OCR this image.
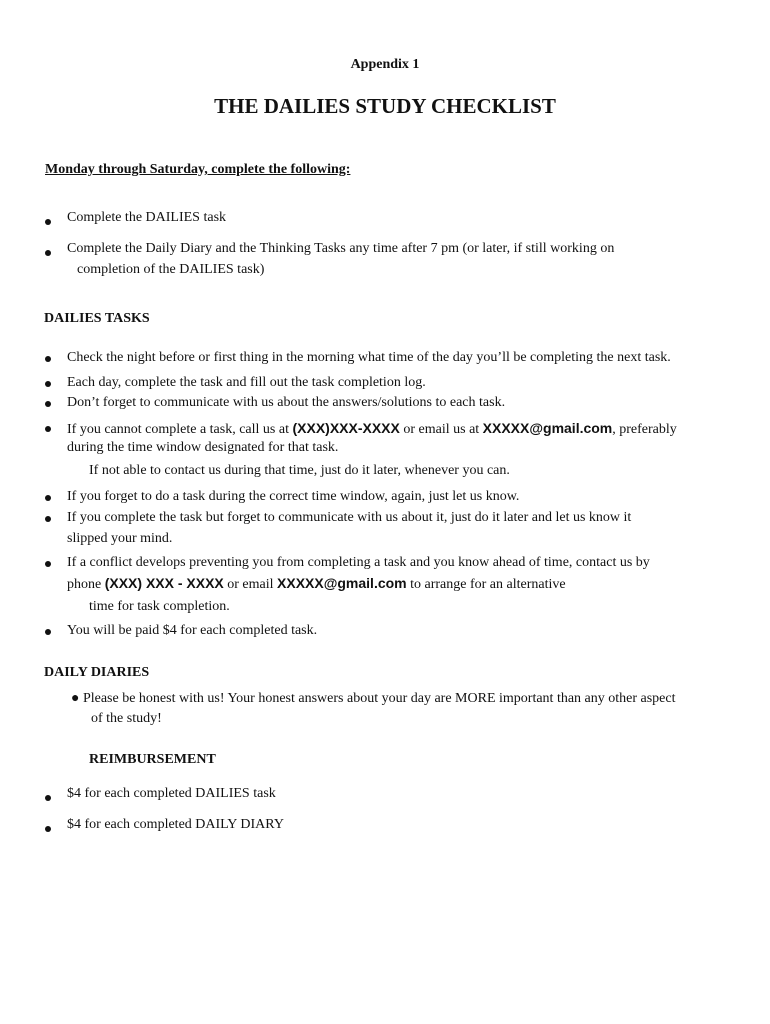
Appendix 1
THE DAILIES STUDY CHECKLIST
Monday through Saturday, complete the following:
Complete the DAILIES task
Complete the Daily Diary and the Thinking Tasks any time after 7 pm (or later, if still working on
completion of the DAILIES task)
DAILIES TASKS
Check the night before or first thing in the morning what time of the day you’ll be completing the next task.
Each day, complete the task and fill out the task completion log.
Don’t forget to communicate with us about the answers/solutions to each task.
If you cannot complete a task, call us at (XXX)XXX-XXXX or email us at XXXXX@gmail.com, preferably
during the time window designated for that task.
If not able to contact us during that time, just do it later, whenever you can.
If you forget to do a task during the correct time window, again, just let us know.
If you complete the task but forget to communicate with us about it, just do it later and let us know it
slipped your mind.
If a conflict develops preventing you from completing a task and you know ahead of time, contact us by
phone (XXX) XXX - XXXX or email XXXXX@gmail.com to arrange for an alternative
time for task completion.
You will be paid $4 for each completed task.
DAILY DIARIES
● Please be honest with us! Your honest answers about your day are MORE important than any other aspect
of the study!
REIMBURSEMENT
$4 for each completed DAILIES task
$4 for each completed DAILY DIARY
